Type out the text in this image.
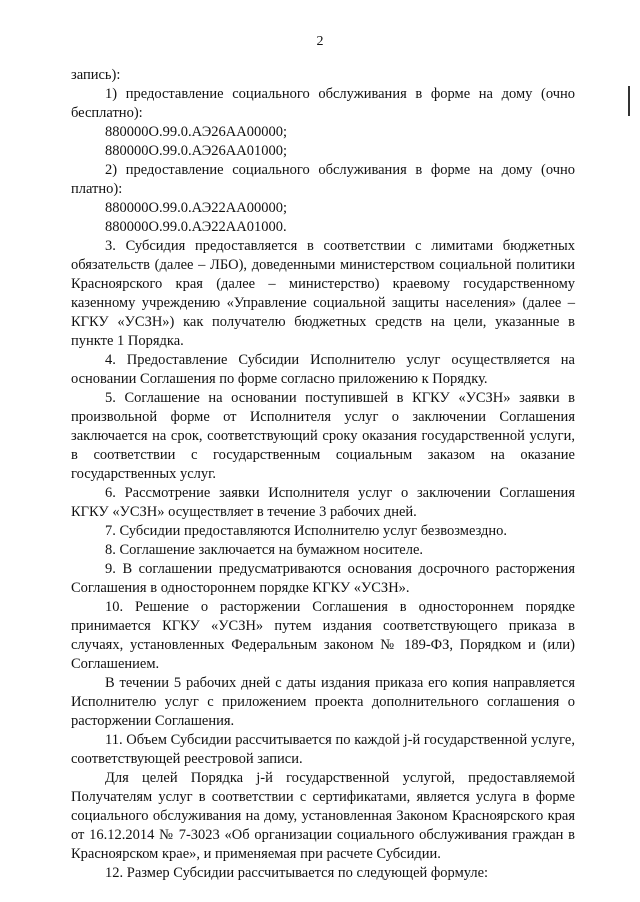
2

запись):

1) предоставление социального обслуживания в форме на дому (очно бесплатно):

880000О.99.0.АЭ26АА00000;

880000О.99.0.АЭ26АА01000;

2) предоставление социального обслуживания в форме на дому (очно платно):

880000О.99.0.АЭ22АА00000;

880000О.99.0.АЭ22АА01000.

3. Субсидия предоставляется в соответствии с лимитами бюджетных обязательств (далее – ЛБО), доведенными министерством социальной политики Красноярского края (далее – министерство) краевому государственному казенному учреждению «Управление социальной защиты населения» (далее – КГКУ «УСЗН») как получателю бюджетных средств на цели, указанные в пункте 1 Порядка.

4. Предоставление Субсидии Исполнителю услуг осуществляется на основании Соглашения по форме согласно приложению к Порядку.

5. Соглашение на основании поступившей в КГКУ «УСЗН» заявки в произвольной форме от Исполнителя услуг о заключении Соглашения заключается на срок, соответствующий сроку оказания государственной услуги, в соответствии с государственным социальным заказом на оказание государственных услуг.

6. Рассмотрение заявки Исполнителя услуг о заключении Соглашения КГКУ «УСЗН» осуществляет в течение 3 рабочих дней.

7. Субсидии предоставляются Исполнителю услуг безвозмездно.

8. Соглашение заключается на бумажном носителе.

9. В соглашении предусматриваются основания досрочного расторжения Соглашения в одностороннем порядке КГКУ «УСЗН».

10. Решение о расторжении Соглашения в одностороннем порядке принимается КГКУ «УСЗН» путем издания соответствующего приказа в случаях, установленных Федеральным законом № 189-ФЗ, Порядком и (или) Соглашением.

В течении 5 рабочих дней с даты издания приказа его копия направляется Исполнителю услуг с приложением проекта дополнительного соглашения о расторжении Соглашения.

11. Объем Субсидии рассчитывается по каждой j-й государственной услуге, соответствующей реестровой записи.

Для целей Порядка j-й государственной услугой, предоставляемой Получателям услуг в соответствии с сертификатами, является услуга в форме социального обслуживания на дому, установленная Законом Красноярского края от 16.12.2014 № 7-3023 «Об организации социального обслуживания граждан в Красноярском крае», и применяемая при расчете Субсидии.

12. Размер Субсидии рассчитывается по следующей формуле:
